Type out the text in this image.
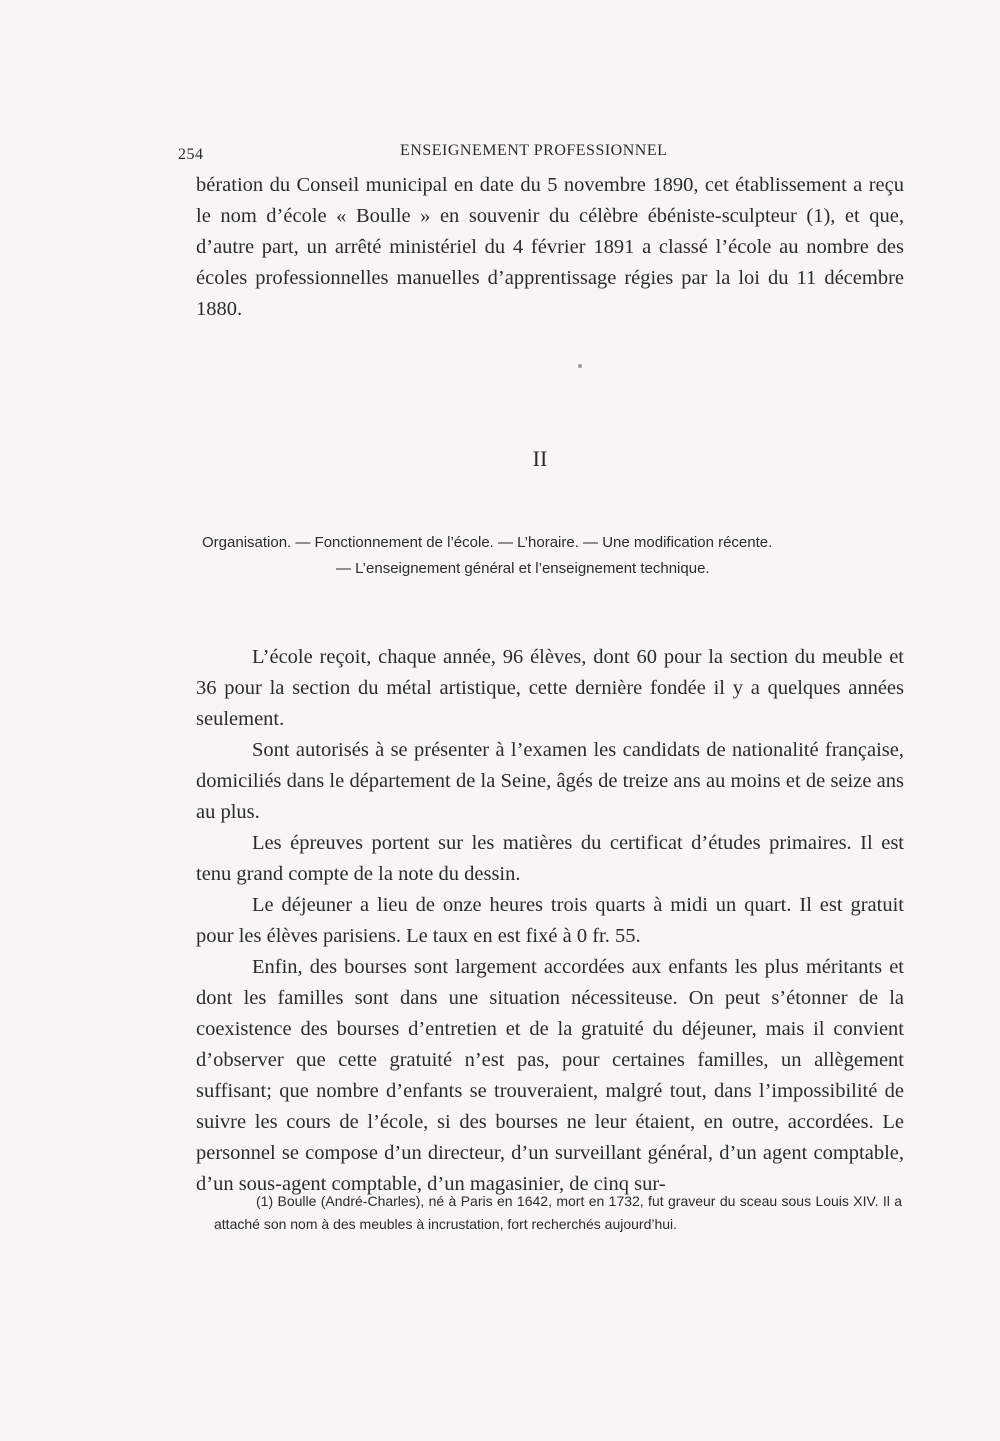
254	ENSEIGNEMENT PROFESSIONNEL

bération du Conseil municipal en date du 5 novembre 1890, cet établissement a reçu le nom d’école « Boulle » en souvenir du célèbre ébéniste-sculpteur (1), et que, d’autre part, un arrêté ministériel du 4 février 1891 a classé l’école au nombre des écoles professionnelles manuelles d’apprentissage régies par la loi du 11 décembre 1880.

II
Organisation. — Fonctionnement de l’école. — L’horaire. — Une modification récente.
— L’enseignement général et l’enseignement technique.

L’école reçoit, chaque année, 96 élèves, dont 60 pour la section du meuble et 36 pour la section du métal artistique, cette dernière fondée il y a quelques années seulement.

Sont autorisés à se présenter à l’examen les candidats de nationalité française, domiciliés dans le département de la Seine, âgés de treize ans au moins et de seize ans au plus.

Les épreuves portent sur les matières du certificat d’études primaires. Il est tenu grand compte de la note du dessin.

Le déjeuner a lieu de onze heures trois quarts à midi un quart. Il est gratuit pour les élèves parisiens. Le taux en est fixé à 0 fr. 55.

Enfin, des bourses sont largement accordées aux enfants les plus méritants et dont les familles sont dans une situation nécessiteuse. On peut s’étonner de la coexistence des bourses d’entretien et de la gratuité du déjeuner, mais il convient d’observer que cette gratuité n’est pas, pour certaines familles, un allègement suffisant; que nombre d’enfants se trouveraient, malgré tout, dans l’impossibilité de suivre les cours de l’école, si des bourses ne leur étaient, en outre, accordées. Le personnel se compose d’un directeur, d’un surveillant général, d’un agent comptable, d’un sous-agent comptable, d’un magasinier, de cinq sur-

(1) Boulle (André-Charles), né à Paris en 1642, mort en 1732, fut graveur du sceau sous Louis XIV. Il a attaché son nom à des meubles à incrustation, fort recherchés aujourd’hui.
